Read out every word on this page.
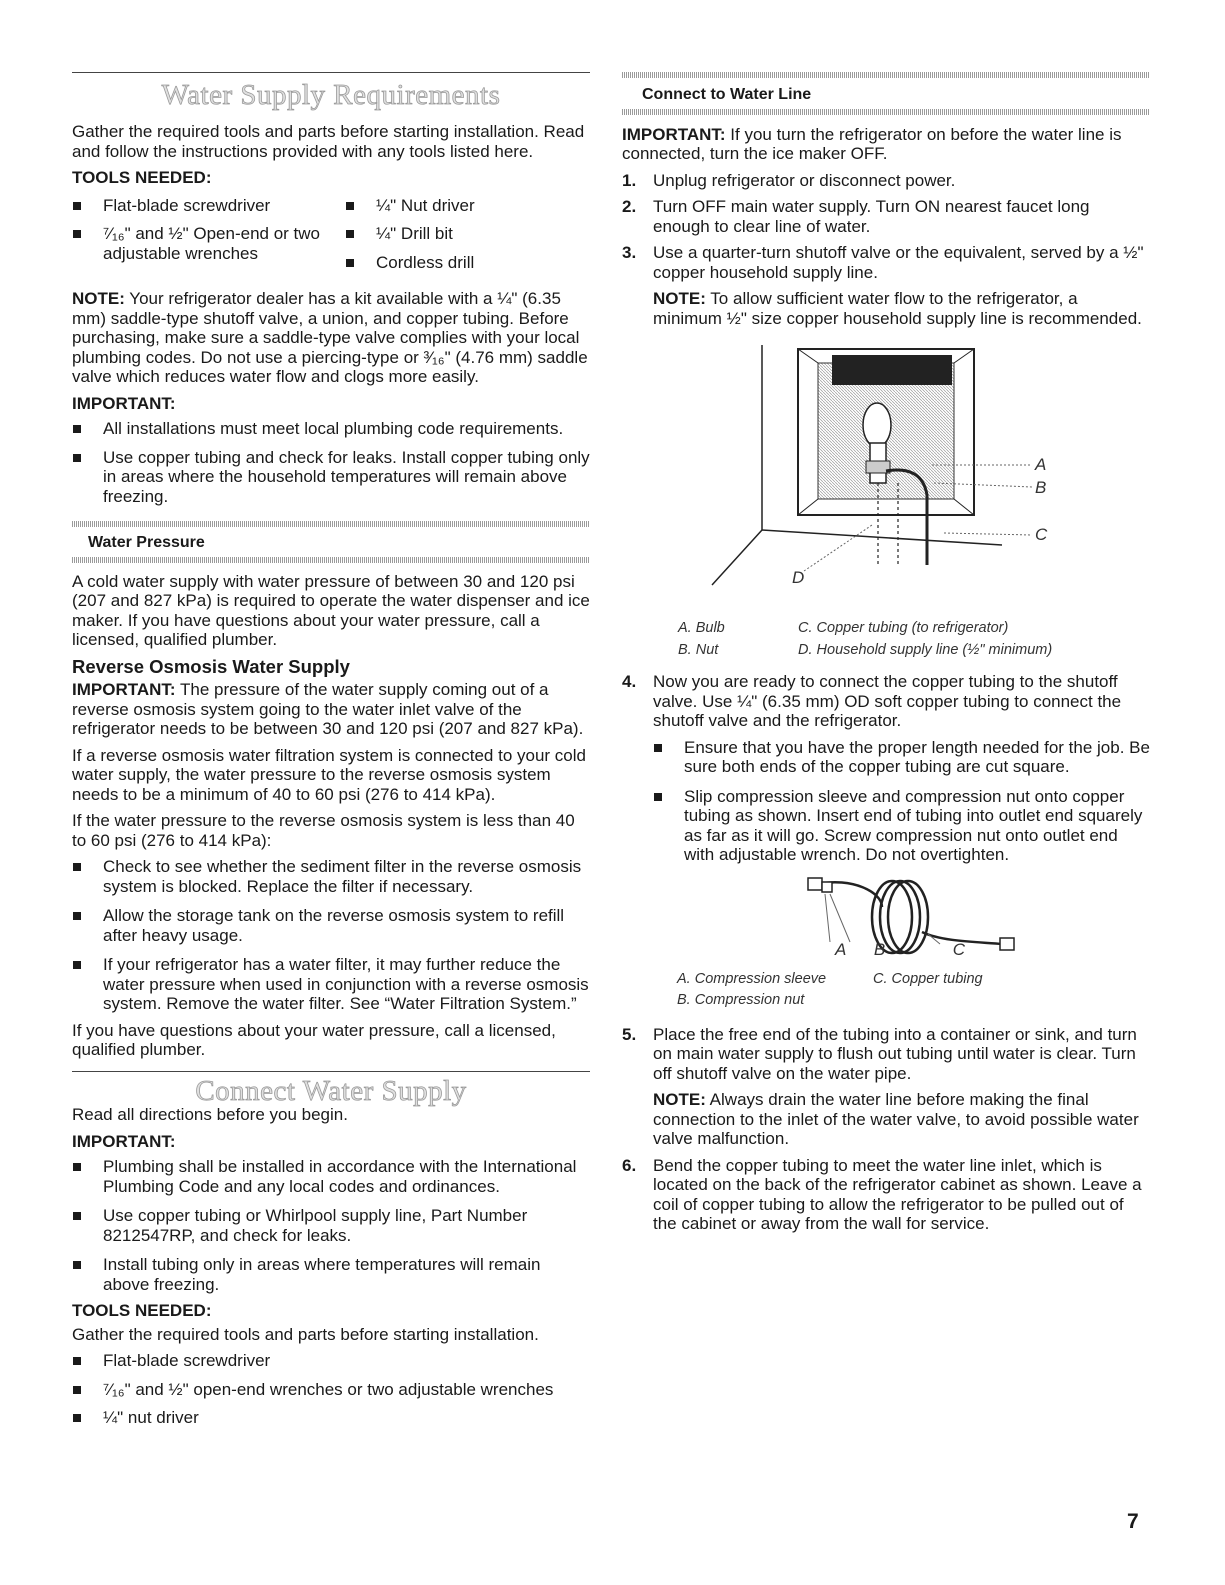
Water Supply Requirements

Gather the required tools and parts before starting installation. Read and follow the instructions provided with any tools listed here.

TOOLS NEEDED:
Flat-blade screwdriver
⁷⁄₁₆" and ½" Open-end or two adjustable wrenches
¼" Nut driver
¼" Drill bit
Cordless drill

NOTE: Your refrigerator dealer has a kit available with a ¼" (6.35 mm) saddle-type shutoff valve, a union, and copper tubing. Before purchasing, make sure a saddle-type valve complies with your local plumbing codes. Do not use a piercing-type or ³⁄₁₆" (4.76 mm) saddle valve which reduces water flow and clogs more easily.

IMPORTANT:
All installations must meet local plumbing code requirements.
Use copper tubing and check for leaks. Install copper tubing only in areas where the household temperatures will remain above freezing.
Water Pressure

A cold water supply with water pressure of between 30 and 120 psi (207 and 827 kPa) is required to operate the water dispenser and ice maker. If you have questions about your water pressure, call a licensed, qualified plumber.

Reverse Osmosis Water Supply

IMPORTANT: The pressure of the water supply coming out of a reverse osmosis system going to the water inlet valve of the refrigerator needs to be between 30 and 120 psi (207 and 827 kPa).

If a reverse osmosis water filtration system is connected to your cold water supply, the water pressure to the reverse osmosis system needs to be a minimum of 40 to 60 psi (276 to 414 kPa).

If the water pressure to the reverse osmosis system is less than 40 to 60 psi (276 to 414 kPa):

Check to see whether the sediment filter in the reverse osmosis system is blocked. Replace the filter if necessary.
Allow the storage tank on the reverse osmosis system to refill after heavy usage.
If your refrigerator has a water filter, it may further reduce the water pressure when used in conjunction with a reverse osmosis system. Remove the water filter. See “Water Filtration System.”

If you have questions about your water pressure, call a licensed, qualified plumber.

Connect Water Supply

Read all directions before you begin.

IMPORTANT:
Plumbing shall be installed in accordance with the International Plumbing Code and any local codes and ordinances.
Use copper tubing or Whirlpool supply line, Part Number 8212547RP, and check for leaks.
Install tubing only in areas where temperatures will remain above freezing.
TOOLS NEEDED:

Gather the required tools and parts before starting installation.

Flat-blade screwdriver
⁷⁄₁₆" and ½" open-end wrenches or two adjustable wrenches
¼" nut driver
Connect to Water Line

IMPORTANT: If you turn the refrigerator on before the water line is connected, turn the ice maker OFF.

1. Unplug refrigerator or disconnect power.
2. Turn OFF main water supply. Turn ON nearest faucet long enough to clear line of water.
3. Use a quarter-turn shutoff valve or the equivalent, served by a ½" copper household supply line.

NOTE: To allow sufficient water flow to the refrigerator, a minimum ½" size copper household supply line is recommended.

A
B
C
D
A. Bulb	C. Copper tubing (to refrigerator)
B. Nut	D. Household supply line (½" minimum)
4. Now you are ready to connect the copper tubing to the shutoff valve. Use ¼" (6.35 mm) OD soft copper tubing to connect the shutoff valve and the refrigerator.
Ensure that you have the proper length needed for the job. Be sure both ends of the copper tubing are cut square.
Slip compression sleeve and compression nut onto copper tubing as shown. Insert end of tubing into outlet end squarely as far as it will go. Screw compression nut onto outlet end with adjustable wrench. Do not overtighten.
A B	C
A. Compression sleeve	C. Copper tubing
B. Compression nut
5. Place the free end of the tubing into a container or sink, and turn on main water supply to flush out tubing until water is clear. Turn off shutoff valve on the water pipe.

NOTE: Always drain the water line before making the final connection to the inlet of the water valve, to avoid possible water valve malfunction.

6. Bend the copper tubing to meet the water line inlet, which is located on the back of the refrigerator cabinet as shown. Leave a coil of copper tubing to allow the refrigerator to be pulled out of the cabinet or away from the wall for service.
7
